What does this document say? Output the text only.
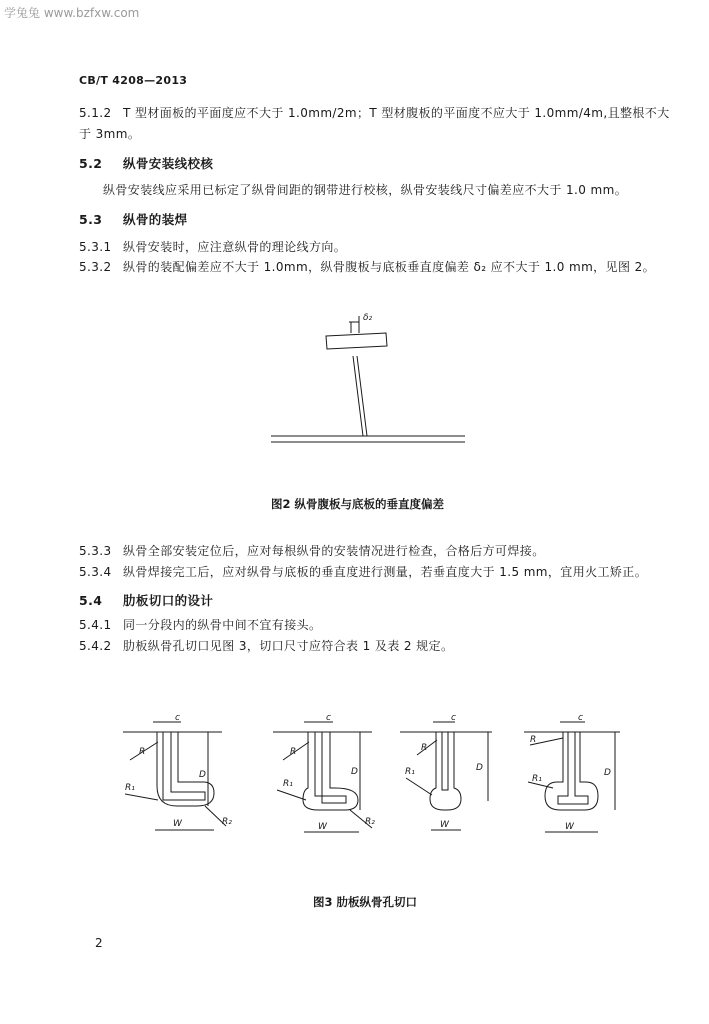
学兔兔 www.bzfxw.com
CB/T 4208—2013
5.1.2 T 型材面板的平面度应不大于 1.0mm/2m；T 型材腹板的平面度不应大于 1.0mm/4m,且整根不大
于 3mm。
5.2 纵骨安装线校核
纵骨安装线应采用已标定了纵骨间距的钢带进行校核，纵骨安装线尺寸偏差应不大于 1.0 mm。
5.3 纵骨的装焊
5.3.1 纵骨安装时，应注意纵骨的理论线方向。
5.3.2 纵骨的装配偏差应不大于 1.0mm，纵骨腹板与底板垂直度偏差 δ₂ 应不大于 1.0 mm，见图 2。
图2 纵骨腹板与底板的垂直度偏差
5.3.3 纵骨全部安装定位后，应对每根纵骨的安装情况进行检查，合格后方可焊接。
5.3.4 纵骨焊接完工后，应对纵骨与底板的垂直度进行测量，若垂直度大于 1.5 mm，宜用火工矫正。
5.4 肋板切口的设计
5.4.1 同一分段内的纵骨中间不宜有接头。
5.4.2 肋板纵骨孔切口见图 3，切口尺寸应符合表 1 及表 2 规定。
图3 肋板纵骨孔切口
2
δ₂
c
D
W
R
R₁
R₂
c
D
W
R
R₁
R₂
c
D
W
R
R₁
c
D
W
R
R₁
